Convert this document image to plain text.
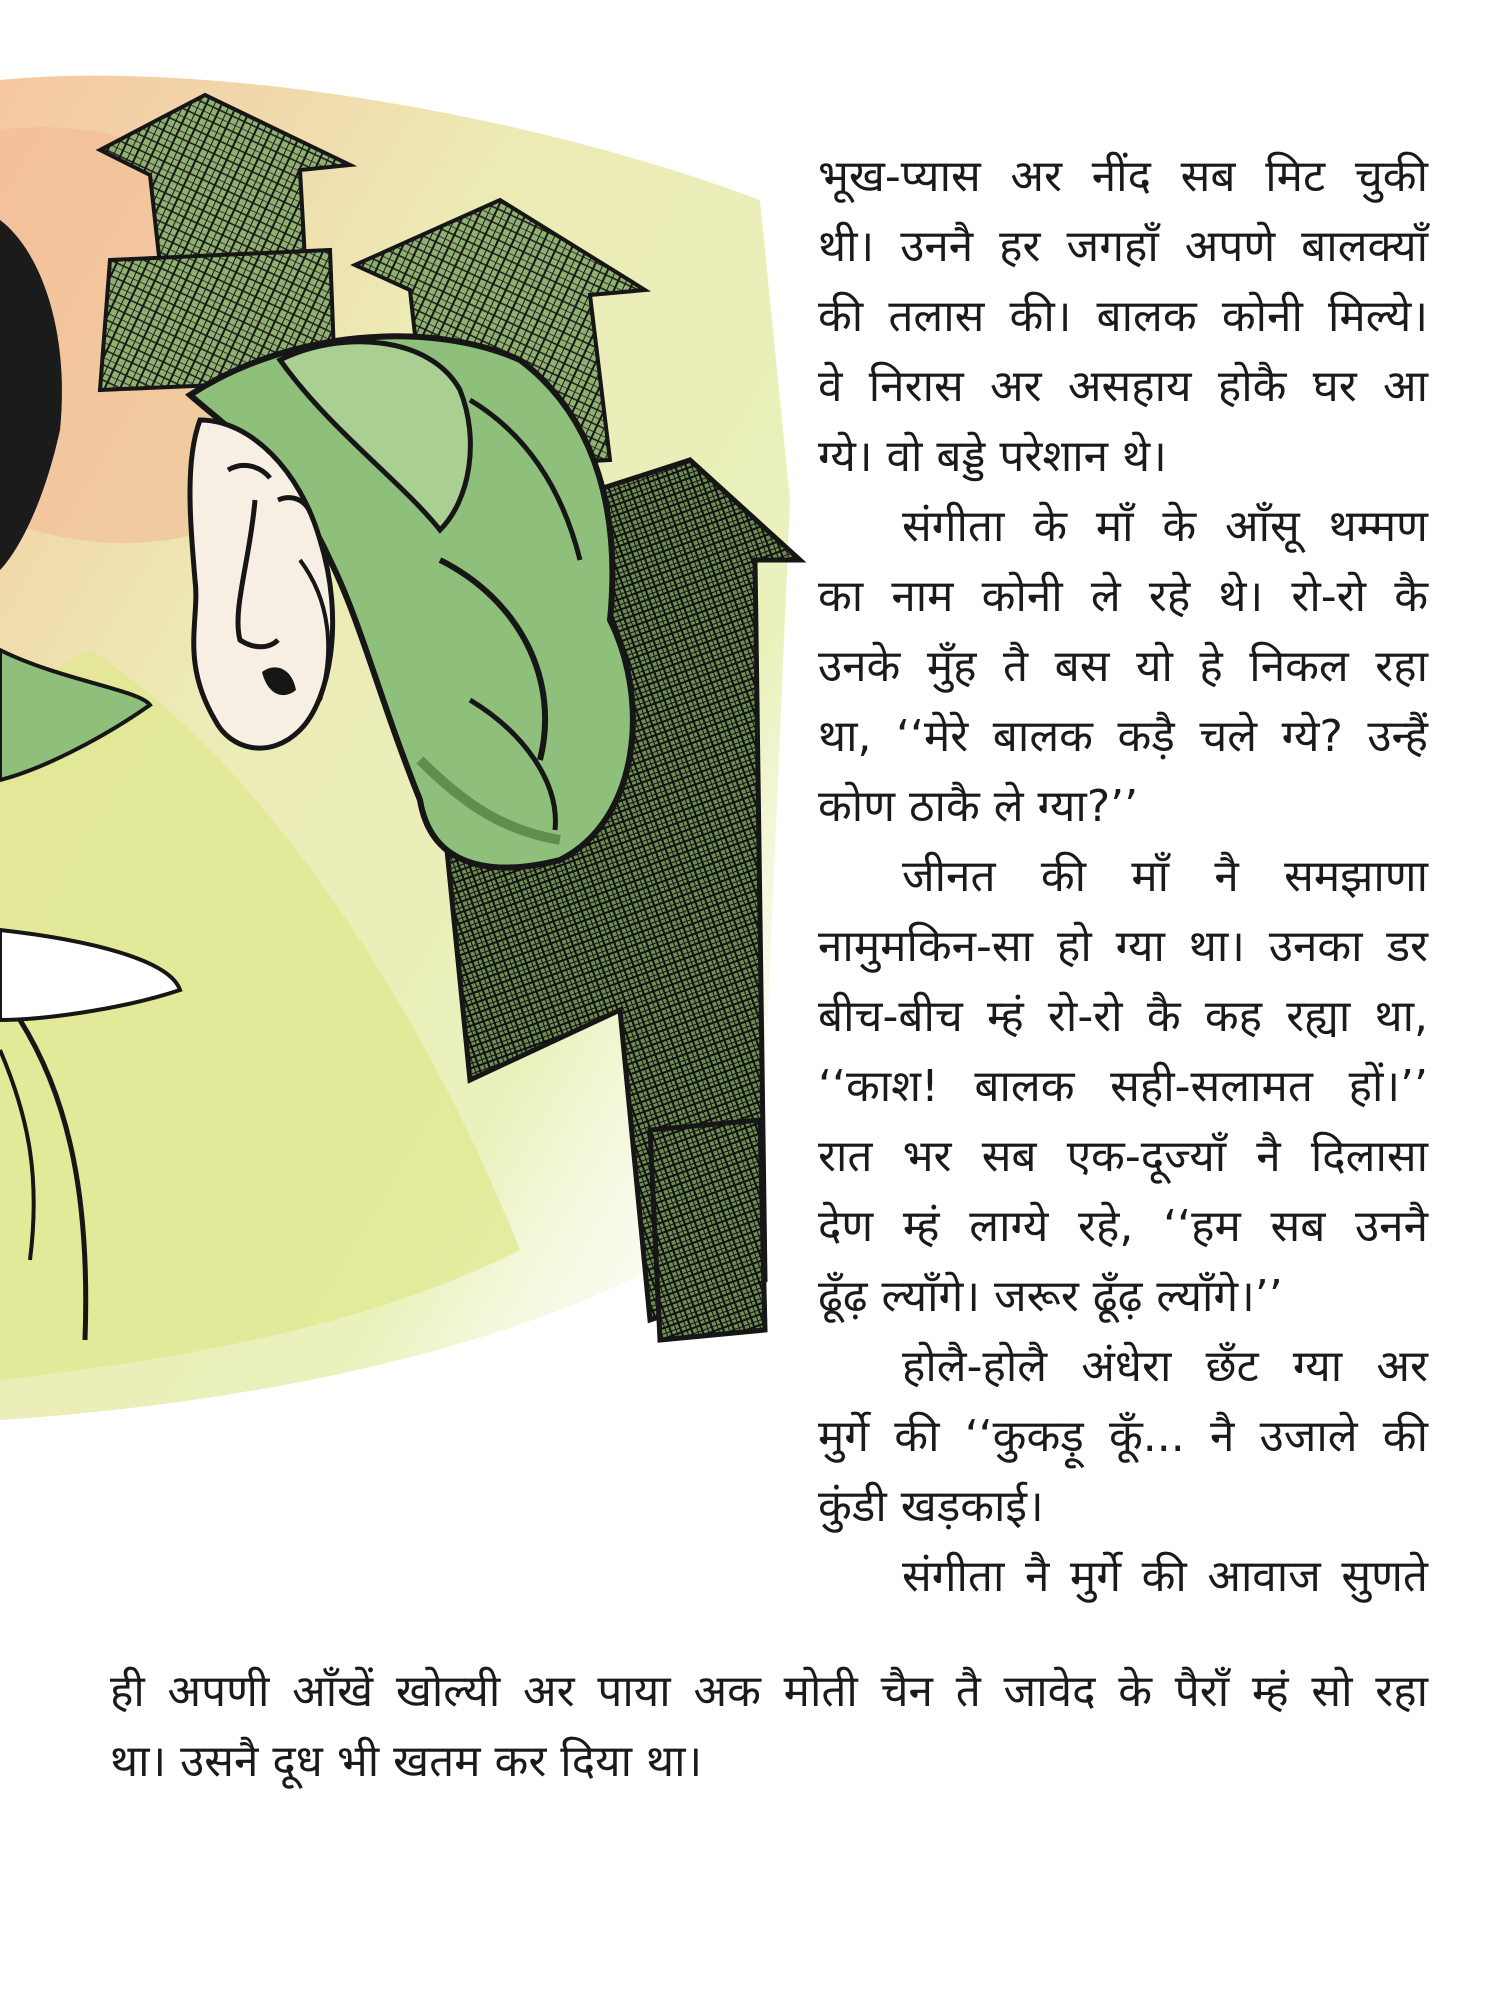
भूख-प्यास अर नींद सब मिट चुकी
थी। उननै हर जगहाँ अपणे बालक्याँ
की तलास की। बालक कोनी मिल्ये।
वे निरास अर असहाय होकै घर आ
ग्ये। वो बड्डे परेशान थे।
संगीता के माँ के आँसू थम्मण
का नाम कोनी ले रहे थे। रो-रो कै
उनके मुँह तै बस यो हे निकल रहा
था, ‘‘मेरे बालक कड़ै चले ग्ये? उन्हैं
कोण ठाकै ले ग्या?’’
जीनत की माँ नै समझाणा
नामुमकिन-सा हो ग्या था। उनका डर
बीच-बीच म्हं रो-रो कै कह रह्या था,
‘‘काश! बालक सही-सलामत हों।’’
रात भर सब एक-दूज्याँ नै दिलासा
देण म्हं लाग्ये रहे, ‘‘हम सब उननै
ढूँढ़ ल्याँगे। जरूर ढूँढ़ ल्याँगे।’’
होलै-होलै अंधेरा छँट ग्या अर
मुर्गे की ‘‘कुकड़ू कूँ... नै उजाले की
कुंडी खड़काई।
संगीता नै मुर्गे की आवाज सुणते
ही अपणी आँखें खोल्यी अर पाया अक मोती चैन तै जावेद के पैराँ म्हं सो रहा
था। उसनै दूध भी खतम कर दिया था।
